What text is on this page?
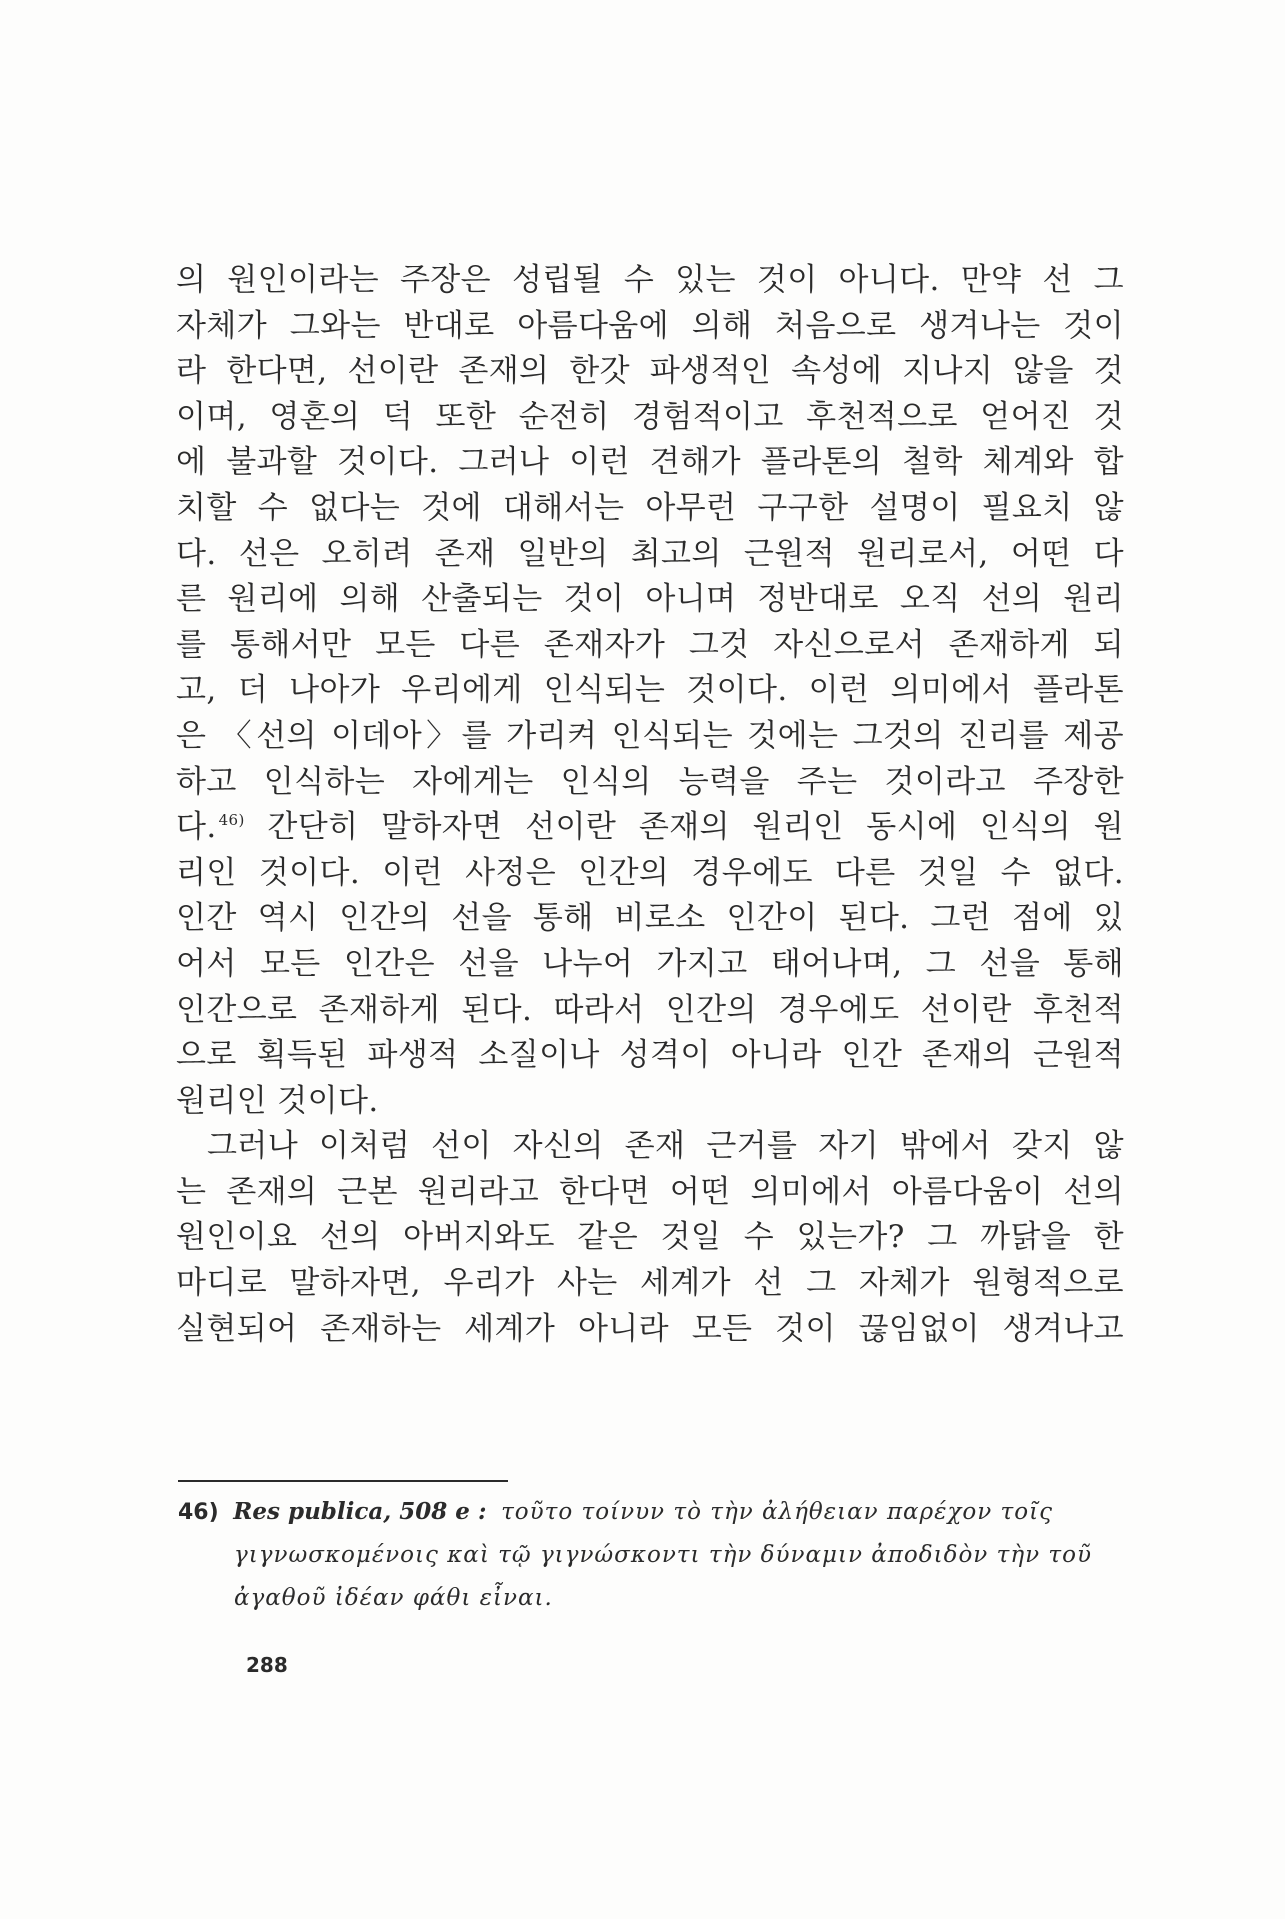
의 원인이라는 주장은 성립될 수 있는 것이 아니다. 만약 선 그
자체가 그와는 반대로 아름다움에 의해 처음으로 생겨나는 것이
라 한다면, 선이란 존재의 한갓 파생적인 속성에 지나지 않을 것
이며, 영혼의 덕 또한 순전히 경험적이고 후천적으로 얻어진 것
에 불과할 것이다. 그러나 이런 견해가 플라톤의 철학 체계와 합
치할 수 없다는 것에 대해서는 아무런 구구한 설명이 필요치 않
다. 선은 오히려 존재 일반의 최고의 근원적 원리로서, 어떤 다
른 원리에 의해 산출되는 것이 아니며 정반대로 오직 선의 원리
를 통해서만 모든 다른 존재자가 그것 자신으로서 존재하게 되
고, 더 나아가 우리에게 인식되는 것이다. 이런 의미에서 플라톤
은 〈선의 이데아〉를 가리켜 인식되는 것에는 그것의 진리를 제공
하고 인식하는 자에게는 인식의 능력을 주는 것이라고 주장한
다. $^{46)}$ 간단히 말하자면 선이란 존재의 원리인 동시에 인식의 원
리인 것이다. 이런 사정은 인간의 경우에도 다른 것일 수 없다.
인간 역시 인간의 선을 통해 비로소 인간이 된다. 그런 점에 있
어서 모든 인간은 선을 나누어 가지고 태어나며, 그 선을 통해
인간으로 존재하게 된다. 따라서 인간의 경우에도 선이란 후천적
으로 획득된 파생적 소질이나 성격이 아니라 인간 존재의 근원적
원리인 것이다.
그러나 이처럼 선이 자신의 존재 근거를 자기 밖에서 갖지 않
는 존재의 근본 원리라고 한다면 어떤 의미에서 아름다움이 선의
원인이요 선의 아버지와도 같은 것일 수 있는가? 그 까닭을 한
마디로 말하자면, 우리가 사는 세계가 선 그 자체가 원형적으로
실현되어 존재하는 세계가 아니라 모든 것이 끊임없이 생겨나고
46) Res publica, 508 e : τοῦτο τοίνυν τὸ τὴν ἀλήθειαν παρέχον τοῖς
γιγνωσκομένοις καὶ τῷ γιγνώσκοντι τὴν δύναμιν ἀποδιδὸν τὴν τοῦ
ἀγαθοῦ ἰδέαν φάθι εἶναι.
288
